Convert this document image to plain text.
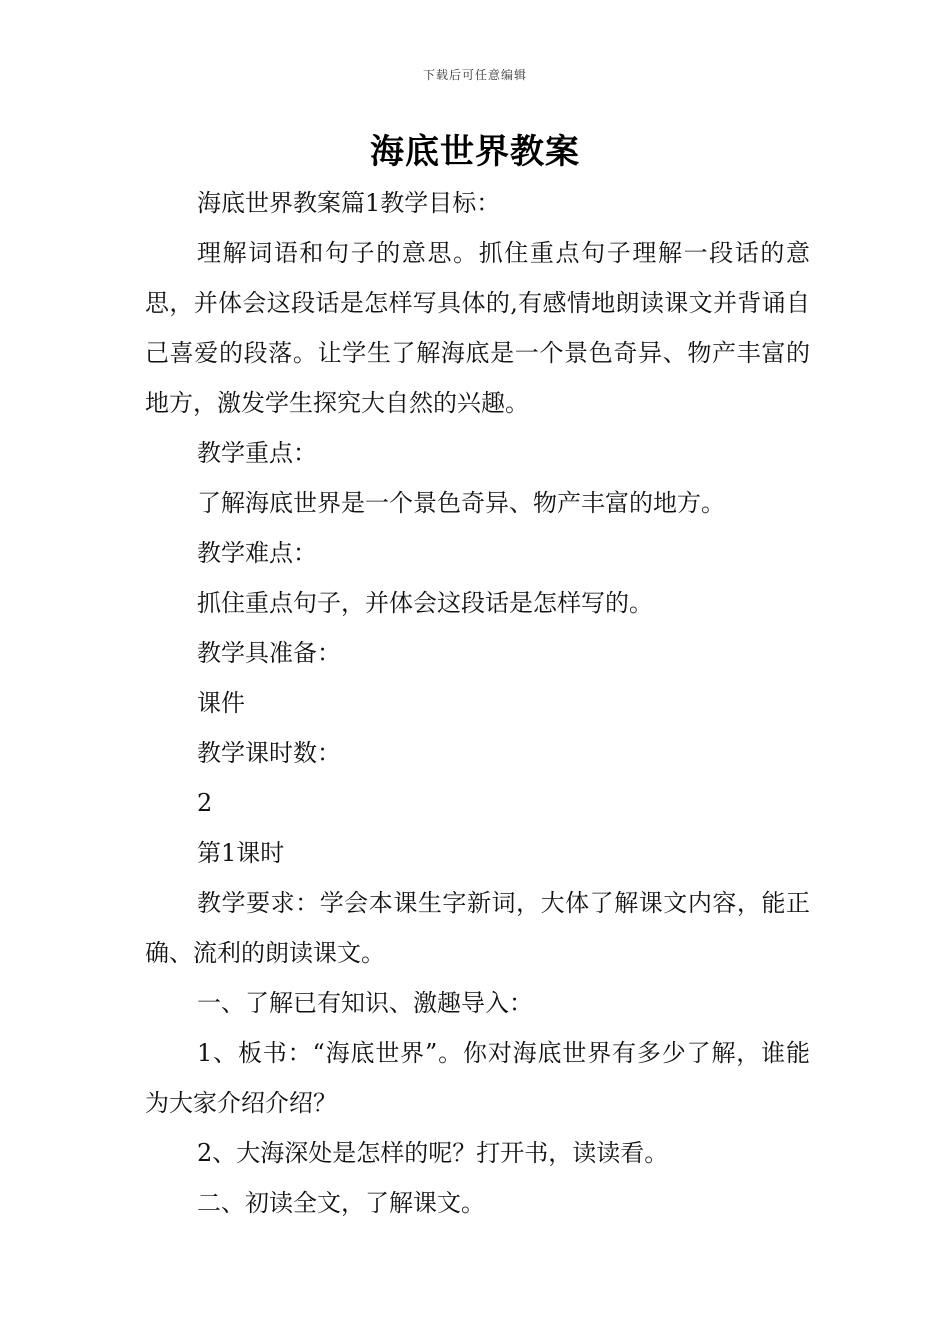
下载后可任意编辑
海底世界教案

海底世界教案篇1教学目标：

理解词语和句子的意思。抓住重点句子理解一段话的意思，并体会这段话是怎样写具体的,有感情地朗读课文并背诵自己喜爱的段落。让学生了解海底是一个景色奇异、物产丰富的地方，激发学生探究大自然的兴趣。

教学重点：

了解海底世界是一个景色奇异、物产丰富的地方。

教学难点：

抓住重点句子，并体会这段话是怎样写的。

教学具准备：

课件

教学课时数：

2

第1课时

教学要求：学会本课生字新词，大体了解课文内容，能正确、流利的朗读课文。

一、了解已有知识、激趣导入：

1、板书：“海底世界”。你对海底世界有多少了解，谁能为大家介绍介绍？

2、大海深处是怎样的呢？打开书，读读看。

二、初读全文，了解课文。
